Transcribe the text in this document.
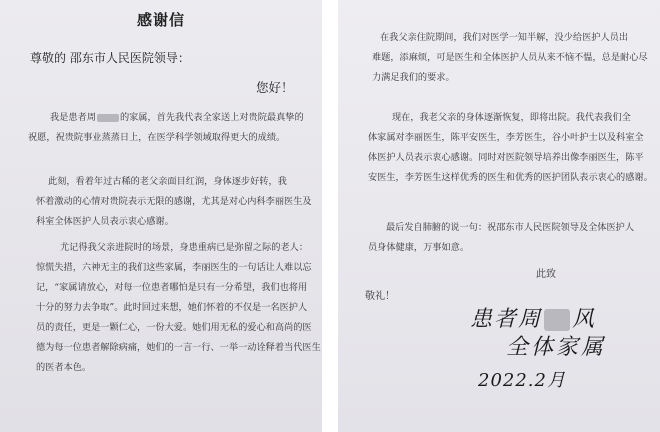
感谢信
尊敬的 邵东市人民医院领导：
您好！

我是患者周	的家属，首先我代表全家送上对贵院最真挚的
祝愿，祝贵院事业蒸蒸日上，在医学科学领域取得更大的成绩。

此刻，看着年过古稀的老父亲面目红润，身体逐步好转，我
怀着激动的心情对贵院表示无限的感谢，尤其是对心内科李丽医生及
科室全体医护人员表示衷心感谢。

尤记得我父亲进院时的场景，身患重病已是弥留之际的老人：
惊慌失措，六神无主的我们这些家属，李丽医生的一句话让人难以忘
记，“家属请放心，对每一位患者哪怕是只有一分希望，我们也将用
十分的努力去争取”。此时回过来想，她们怀着的不仅是一名医护人
员的责任，更是一颗仁心，一份大爱。她们用无私的爱心和高尚的医
德为每一位患者解除病痛，她们的一言一行、一举一动诠释着当代医生
的医者本色。

在我父亲住院期间，我们对医学一知半解，没少给医护人员出
难题，添麻烦，可是医生和全体医护人员从来不恼不愠，总是耐心尽
力满足我们的要求。

现在，我老父亲的身体逐渐恢复，即将出院。我代表我们全
体家属对李丽医生，陈平安医生，李芳医生，谷小叶护士以及科室全
体医护人员表示衷心感谢。同时对医院领导培养出像李丽医生，陈平
安医生，李芳医生这样优秀的医生和优秀的医护团队表示衷心的感谢。

最后发自肺腑的说一句：祝邵东市人民医院领导及全体医护人
员身体健康，万事如意。

此致
敬礼！
患者周 风
全体家属
2022.2月
